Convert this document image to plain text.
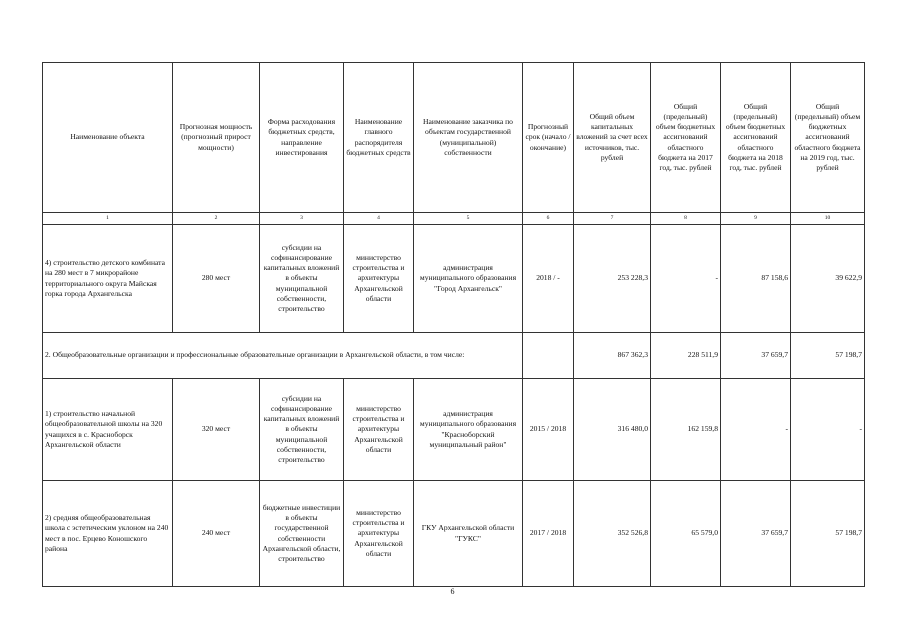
Наименование объекта	Прогнозная мощность (прогнозный прирост мощности)	Форма расходования бюджетных средств, направление инвестирования	Наименование главного распорядителя бюджетных средств	Наименование заказчика по объектам государственной (муниципальной) собственности	Прогнозный срок (начало / окончание)	Общий объем капитальных вложений за счет всех источников, тыс. рублей	Общий (предельный) объем бюджетных ассигнований областного бюджета на 2017 год, тыс. рублей	Общий (предельный) объем бюджетных ассигнований областного бюджета на 2018 год, тыс. рублей	Общий (предельный) объем бюджетных ассигнований областного бюджета на 2019 год, тыс. рублей
1	2	3	4	5	6	7	8	9	10
4) строительство детского комбината на 280 мест в 7 микрорайоне территориального округа Майская горка города Архангельска	280 мест	субсидии на софинансирование капитальных вложений в объекты муниципальной собственности, строительство	министерство строительства и архитектуры Архангельской области	администрация муниципального образования "Город Архангельск"	2018 / -	253 228,3	-	87 158,6	39 622,9
2. Общеобразовательные организации и профессиональные образовательные организации в Архангельской области, в том числе:						867 362,3	228 511,9	37 659,7	57 198,7
1) строительство начальной общеобразовательной школы на 320 учащихся в с. Красноборск Архангельской области	320 мест	субсидии на софинансирование капитальных вложений в объекты муниципальной собственности, строительство	министерство строительства и архитектуры Архангельской области	администрация муниципального образования "Красноборский муниципальный район"	2015 / 2018	316 480,0	162 159,8	-	-
2) средняя общеобразовательная школа с эстетическим уклоном на 240 мест в пос. Ерцево Коношского района	240 мест	бюджетные инвестиции в объекты государственной собственности Архангельской области, строительство	министерство строительства и архитектуры Архангельской области	ГКУ Архангельской области "ГУКС"	2017 / 2018	352 526,8	65 579,0	37 659,7	57 198,7
6
